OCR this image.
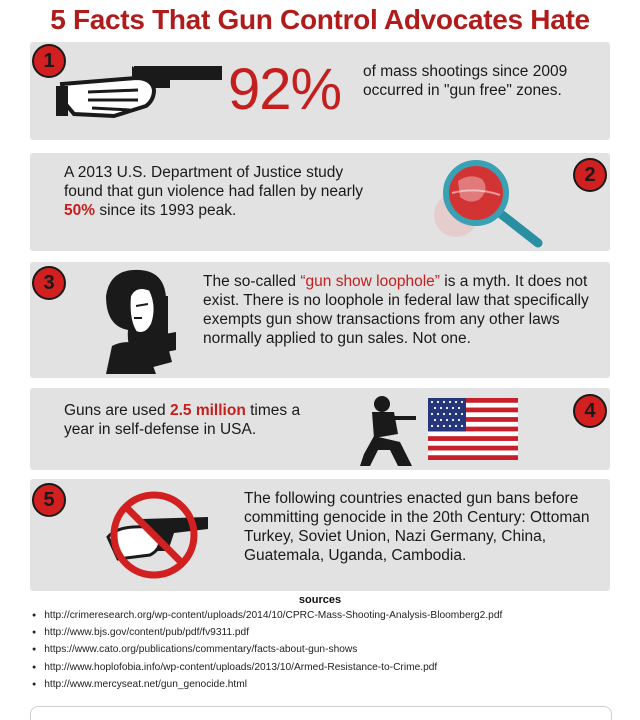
5 Facts That Gun Control Advocates Hate
1	92% of mass shootings since 2009 occurred in "gun free" zones.
2
A 2013 U.S. Department of Justice study found that gun violence had fallen by nearly 50% since its 1993 peak.
3	The so-called “gun show loophole” is a myth. It does not exist. There is no loophole in federal law that specifically exempts gun show transactions from any other laws normally applied to gun sales. Not one.
4
Guns are used 2.5 million times a year in self-defense in USA.
5	The following countries enacted gun bans before committing genocide in the 20th Century: Ottoman Turkey, Soviet Union, Nazi Germany, China, Guatemala, Uganda, Cambodia.
sources
● http://crimeresearch.org/wp-content/uploads/2014/10/CPRC-Mass-Shooting-Analysis-Bloomberg2.pdf
● http://www.bjs.gov/content/pub/pdf/fv9311.pdf
● https://www.cato.org/publications/commentary/facts-about-gun-shows
● http://www.hoplofobia.info/wp-content/uploads/2013/10/Armed-Resistance-to-Crime.pdf
● http://www.mercyseat.net/gun_genocide.html
